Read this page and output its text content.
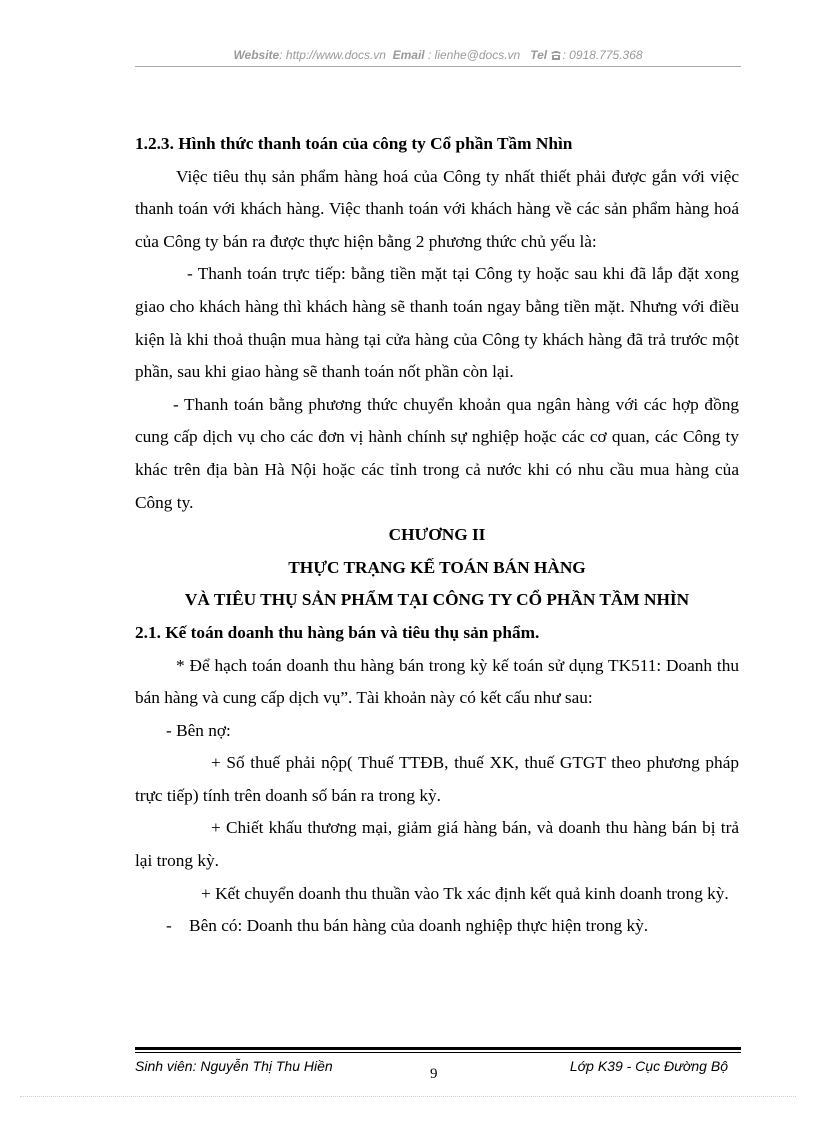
Website: http://www.docs.vn Email : lienhe@docs.vn Tel : 0918.775.368

1.2.3. Hình thức thanh toán của công ty Cổ phần Tầm Nhìn

Việc tiêu thụ sản phẩm hàng hoá của Công ty nhất thiết phải được gắn với việc thanh toán với khách hàng. Việc thanh toán với khách hàng về các sản phẩm hàng hoá của Công ty bán ra được thực hiện bằng 2 phương thức chủ yếu là:

- Thanh toán trực tiếp: bằng tiền mặt tại Công ty hoặc sau khi đã lắp đặt xong giao cho khách hàng thì khách hàng sẽ thanh toán ngay bằng tiền mặt. Nhưng với điều kiện là khi thoả thuận mua hàng tại cửa hàng của Công ty khách hàng đã trả trước một phần, sau khi giao hàng sẽ thanh toán nốt phần còn lại.

- Thanh toán bằng phương thức chuyển khoản qua ngân hàng với các hợp đồng cung cấp dịch vụ cho các đơn vị hành chính sự nghiệp hoặc các cơ quan, các Công ty khác trên địa bàn Hà Nội hoặc các tỉnh trong cả nước khi có nhu cầu mua hàng của Công ty.

CHƯƠNG II

THỰC TRẠNG KẾ TOÁN BÁN HÀNG

VÀ TIÊU THỤ SẢN PHẨM TẠI CÔNG TY CỔ PHẦN TẦM NHÌN

2.1. Kế toán doanh thu hàng bán và tiêu thụ sản phẩm.

* Để hạch toán doanh thu hàng bán trong kỳ kế toán sử dụng TK511: Doanh thu bán hàng và cung cấp dịch vụ”. Tài khoản này có kết cấu như sau:

- Bên nợ:

+ Số thuế phải nộp( Thuế TTĐB, thuế XK, thuế GTGT theo phương pháp trực tiếp) tính trên doanh số bán ra trong kỳ.

+ Chiết khấu thương mại, giảm giá hàng bán, và doanh thu hàng bán bị trả lại trong kỳ.

+ Kết chuyển doanh thu thuần vào Tk xác định kết quả kinh doanh trong kỳ.

-    Bên có: Doanh thu bán hàng của doanh nghiệp thực hiện trong kỳ.

Sinh viên: Nguyễn Thị Thu Hiền	9	Lớp K39 - Cục Đường Bộ
